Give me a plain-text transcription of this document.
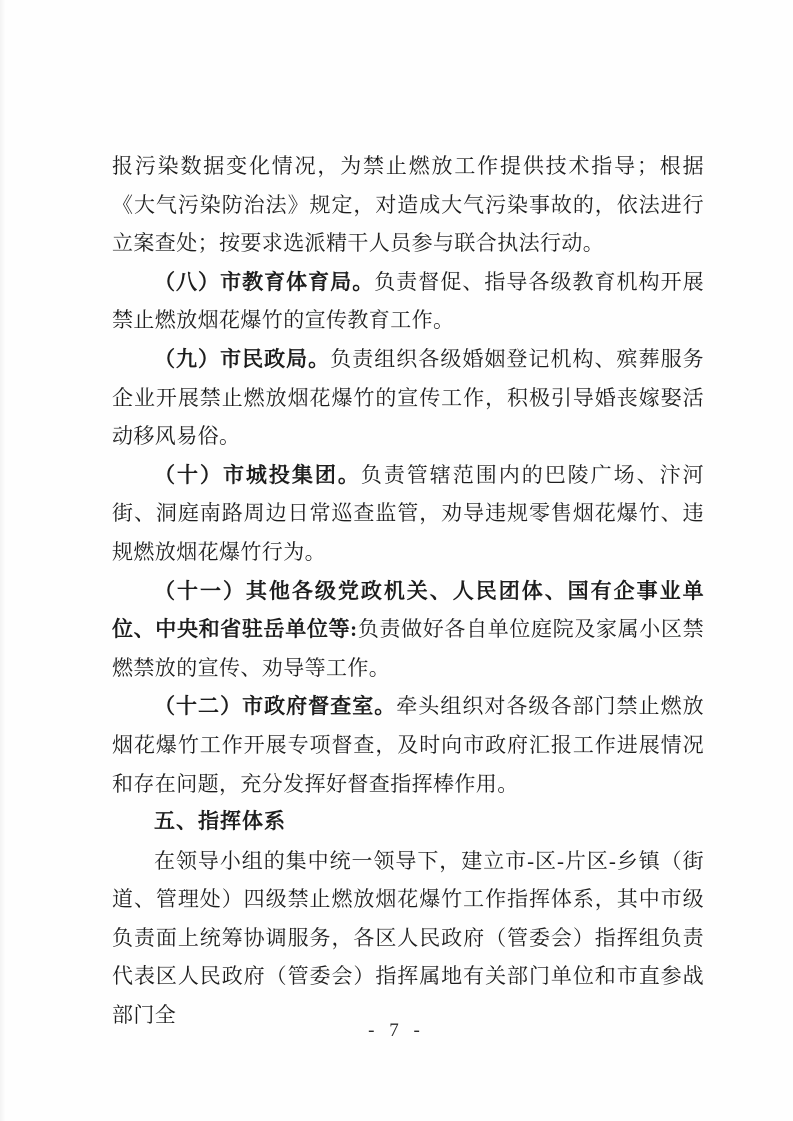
报污染数据变化情况，为禁止燃放工作提供技术指导；根据《大气污染防治法》规定，对造成大气污染事故的，依法进行立案查处；按要求选派精干人员参与联合执法行动。

（八）市教育体育局。负责督促、指导各级教育机构开展禁止燃放烟花爆竹的宣传教育工作。

（九）市民政局。负责组织各级婚姻登记机构、殡葬服务企业开展禁止燃放烟花爆竹的宣传工作，积极引导婚丧嫁娶活动移风易俗。

（十）市城投集团。负责管辖范围内的巴陵广场、汴河街、洞庭南路周边日常巡查监管，劝导违规零售烟花爆竹、违规燃放烟花爆竹行为。

（十一）其他各级党政机关、人民团体、国有企事业单位、中央和省驻岳单位等:负责做好各自单位庭院及家属小区禁燃禁放的宣传、劝导等工作。

（十二）市政府督查室。牵头组织对各级各部门禁止燃放烟花爆竹工作开展专项督查，及时向市政府汇报工作进展情况和存在问题，充分发挥好督查指挥棒作用。

五、指挥体系

在领导小组的集中统一领导下，建立市-区-片区-乡镇（街道、管理处）四级禁止燃放烟花爆竹工作指挥体系，其中市级负责面上统筹协调服务，各区人民政府（管委会）指挥组负责代表区人民政府（管委会）指挥属地有关部门单位和市直参战部门全

- 7 -
